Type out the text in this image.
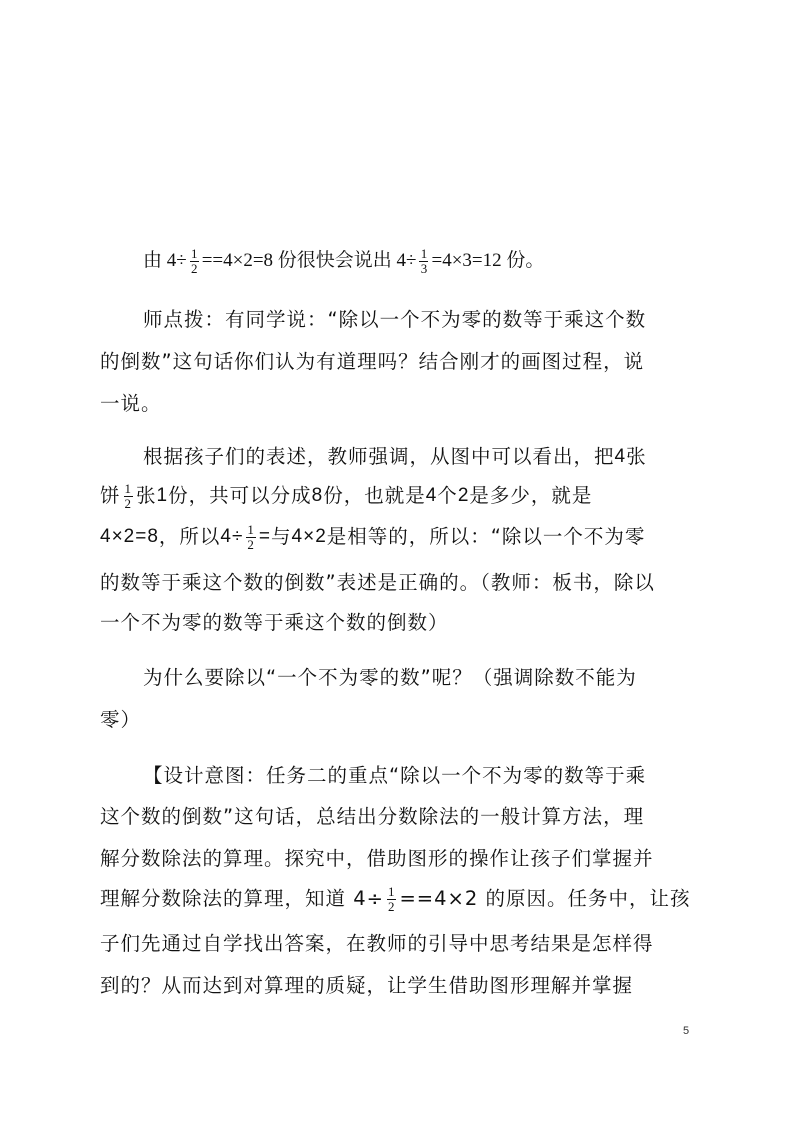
由 $4\div \frac{1}{2} ==4\times 2=8$ 份很快会说出 $4\div \frac{1}{3} =4\times 3=12$ 份。
师点拨：有同学说：“除以一个不为零的数等于乘这个数
的倒数”这句话你们认为有道理吗？结合刚才的画图过程，说
一说。
根据孩子们的表述，教师强调，从图中可以看出，把 4 张
饼 $\frac{1}{2}$ 张 1 份，共可以分成 8 份，也就是 4 个 2 是多少，就是
4×2=8 ，所以 $4\div \frac{1}{2}$ = 与 4×2 是相等的，所以：“除以一个不为零
的数等于乘这个数的倒数”表述是正确的。（教师：板书，除以
一个不为零的数等于乘这个数的倒数）
为什么要除以“一个不为零的数”呢？（强调除数不能为
零）
【设计意图：任务二的重点“除以一个不为零的数等于乘
这个数的倒数”这句话，总结出分数除法的一般计算方法，理
解分数除法的算理。探究中，借助图形的操作让孩子们掌握并
理解分数除法的算理，知道 $4\div \frac{1}{2} ==4\times 2$ 的原因。任务中，让孩
子们先通过自学找出答案，在教师的引导中思考结果是怎样得
到的？从而达到对算理的质疑，让学生借助图形理解并掌握
5
